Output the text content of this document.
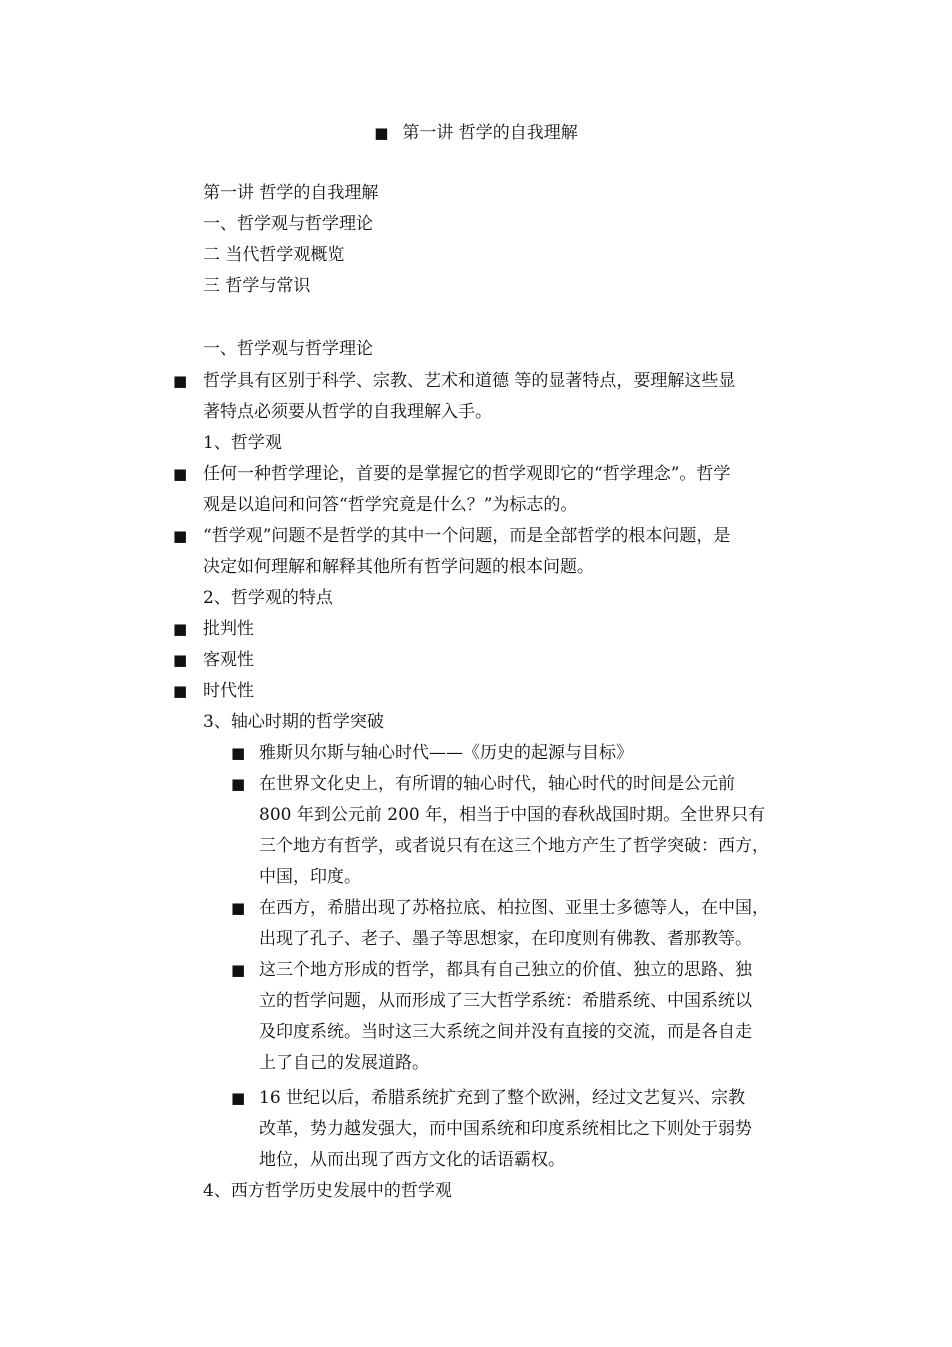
■ 第一讲 哲学的自我理解
第一讲 哲学的自我理解
一、哲学观与哲学理论
二 当代哲学观概览
三 哲学与常识
一、哲学观与哲学理论
■ 哲学具有区别于科学、宗教、艺术和道德 等的显著特点，要理解这些显
著特点必须要从哲学的自我理解入手。
1、哲学观
■ 任何一种哲学理论，首要的是掌握它的哲学观即它的“哲学理念”。哲学
观是以追问和问答“哲学究竟是什么？”为标志的。
■ “哲学观”问题不是哲学的其中一个问题，而是全部哲学的根本问题，是
决定如何理解和解释其他所有哲学问题的根本问题。
2、哲学观的特点
■ 批判性
■ 客观性
■ 时代性
3、轴心时期的哲学突破
■ 雅斯贝尔斯与轴心时代——《历史的起源与目标》
■ 在世界文化史上，有所谓的轴心时代，轴心时代的时间是公元前
800 年到公元前 200 年，相当于中国的春秋战国时期。全世界只有
三个地方有哲学，或者说只有在这三个地方产生了哲学突破：西方，
中国，印度。
■ 在西方，希腊出现了苏格拉底、柏拉图、亚里士多德等人，在中国，
出现了孔子、老子、墨子等思想家，在印度则有佛教、耆那教等。
■ 这三个地方形成的哲学，都具有自己独立的价值、独立的思路、独
立的哲学问题，从而形成了三大哲学系统：希腊系统、中国系统以
及印度系统。当时这三大系统之间并没有直接的交流，而是各自走
上了自己的发展道路。
■ 16 世纪以后，希腊系统扩充到了整个欧洲，经过文艺复兴、宗教
改革，势力越发强大，而中国系统和印度系统相比之下则处于弱势
地位，从而出现了西方文化的话语霸权。
4、西方哲学历史发展中的哲学观
